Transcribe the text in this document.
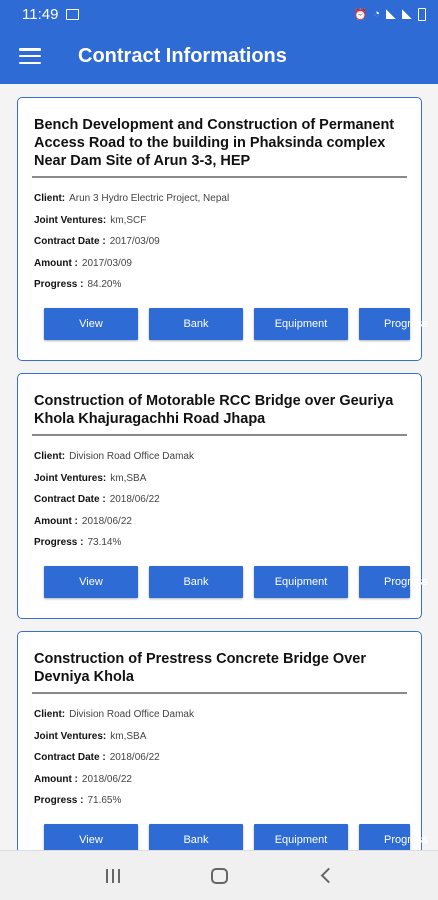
11:49	⏰ ◔
Contract Informations
Bench Development and Construction of Permanent Access Road to the building in Phaksinda complex Near Dam Site of Arun 3-3, HEP
Client: Arun 3 Hydro Electric Project, Nepal
Joint Ventures: km,SCF
Contract Date : 2017/03/09
Amount : 2017/03/09
Progress : 84.20%
View	Bank	Equipment	Progress
Construction of Motorable RCC Bridge over Geuriya Khola Khajuragachhi Road Jhapa
Client: Division Road Office Damak
Joint Ventures: km,SBA
Contract Date : 2018/06/22
Amount : 2018/06/22
Progress : 73.14%
View	Bank	Equipment	Progress
Construction of Prestress Concrete Bridge Over Devniya Khola
Client: Division Road Office Damak
Joint Ventures: km,SBA
Contract Date : 2018/06/22
Amount : 2018/06/22
Progress : 71.65%
View	Bank	Equipment	Progress
